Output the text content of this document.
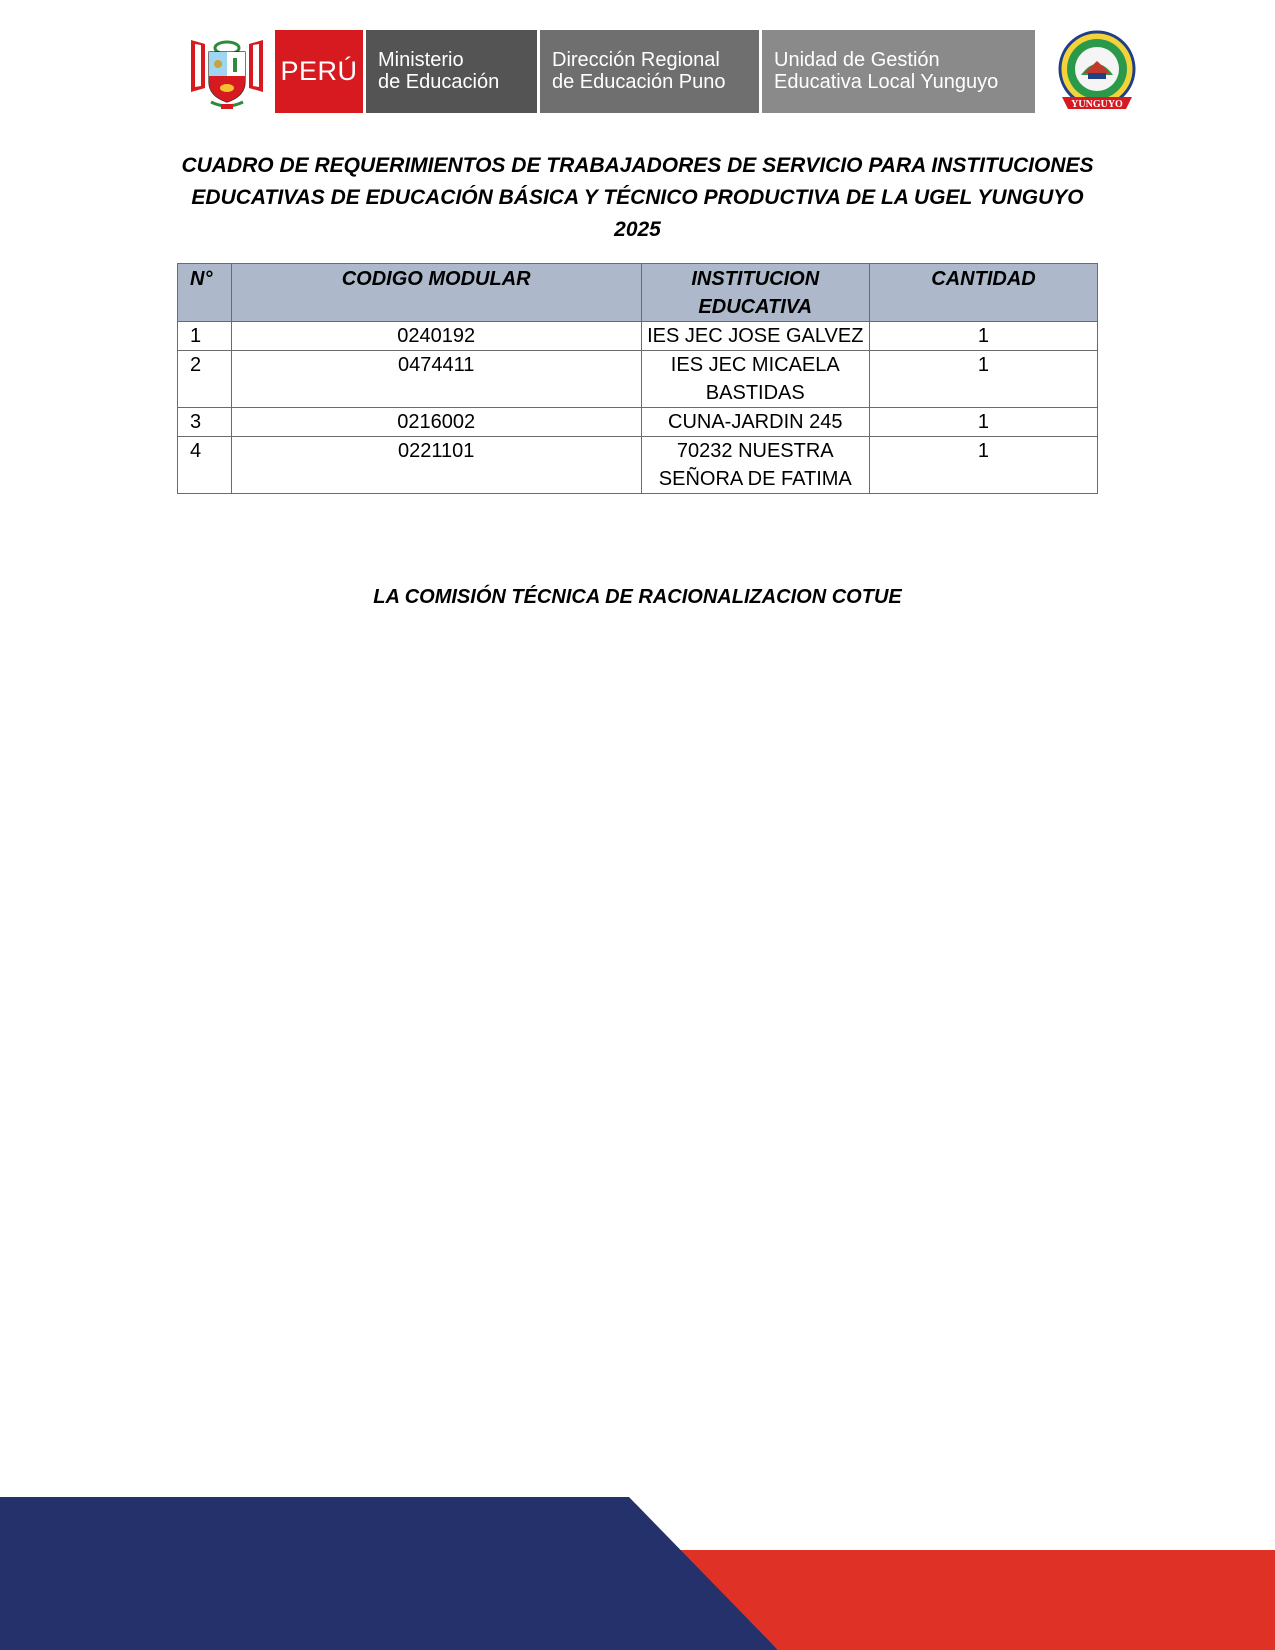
PERÚ Ministerio
de Educación
Dirección Regional
de Educación Puno
Unidad de Gestión
Educativa Local Yunguyo
YUNGUYO
CUADRO DE REQUERIMIENTOS DE TRABAJADORES DE SERVICIO PARA INSTITUCIONES
EDUCATIVAS DE EDUCACIÓN BÁSICA Y TÉCNICO PRODUCTIVA DE LA UGEL YUNGUYO
2025
N°	CODIGO MODULAR	INSTITUCION EDUCATIVA	CANTIDAD
1	0240192	IES JEC JOSE GALVEZ	1
2	0474411	IES JEC MICAELA BASTIDAS	1
3	0216002	CUNA-JARDIN 245	1
4	0221101	70232 NUESTRA SEÑORA DE FATIMA	1
LA COMISIÓN TÉCNICA DE RACIONALIZACION COTUE
